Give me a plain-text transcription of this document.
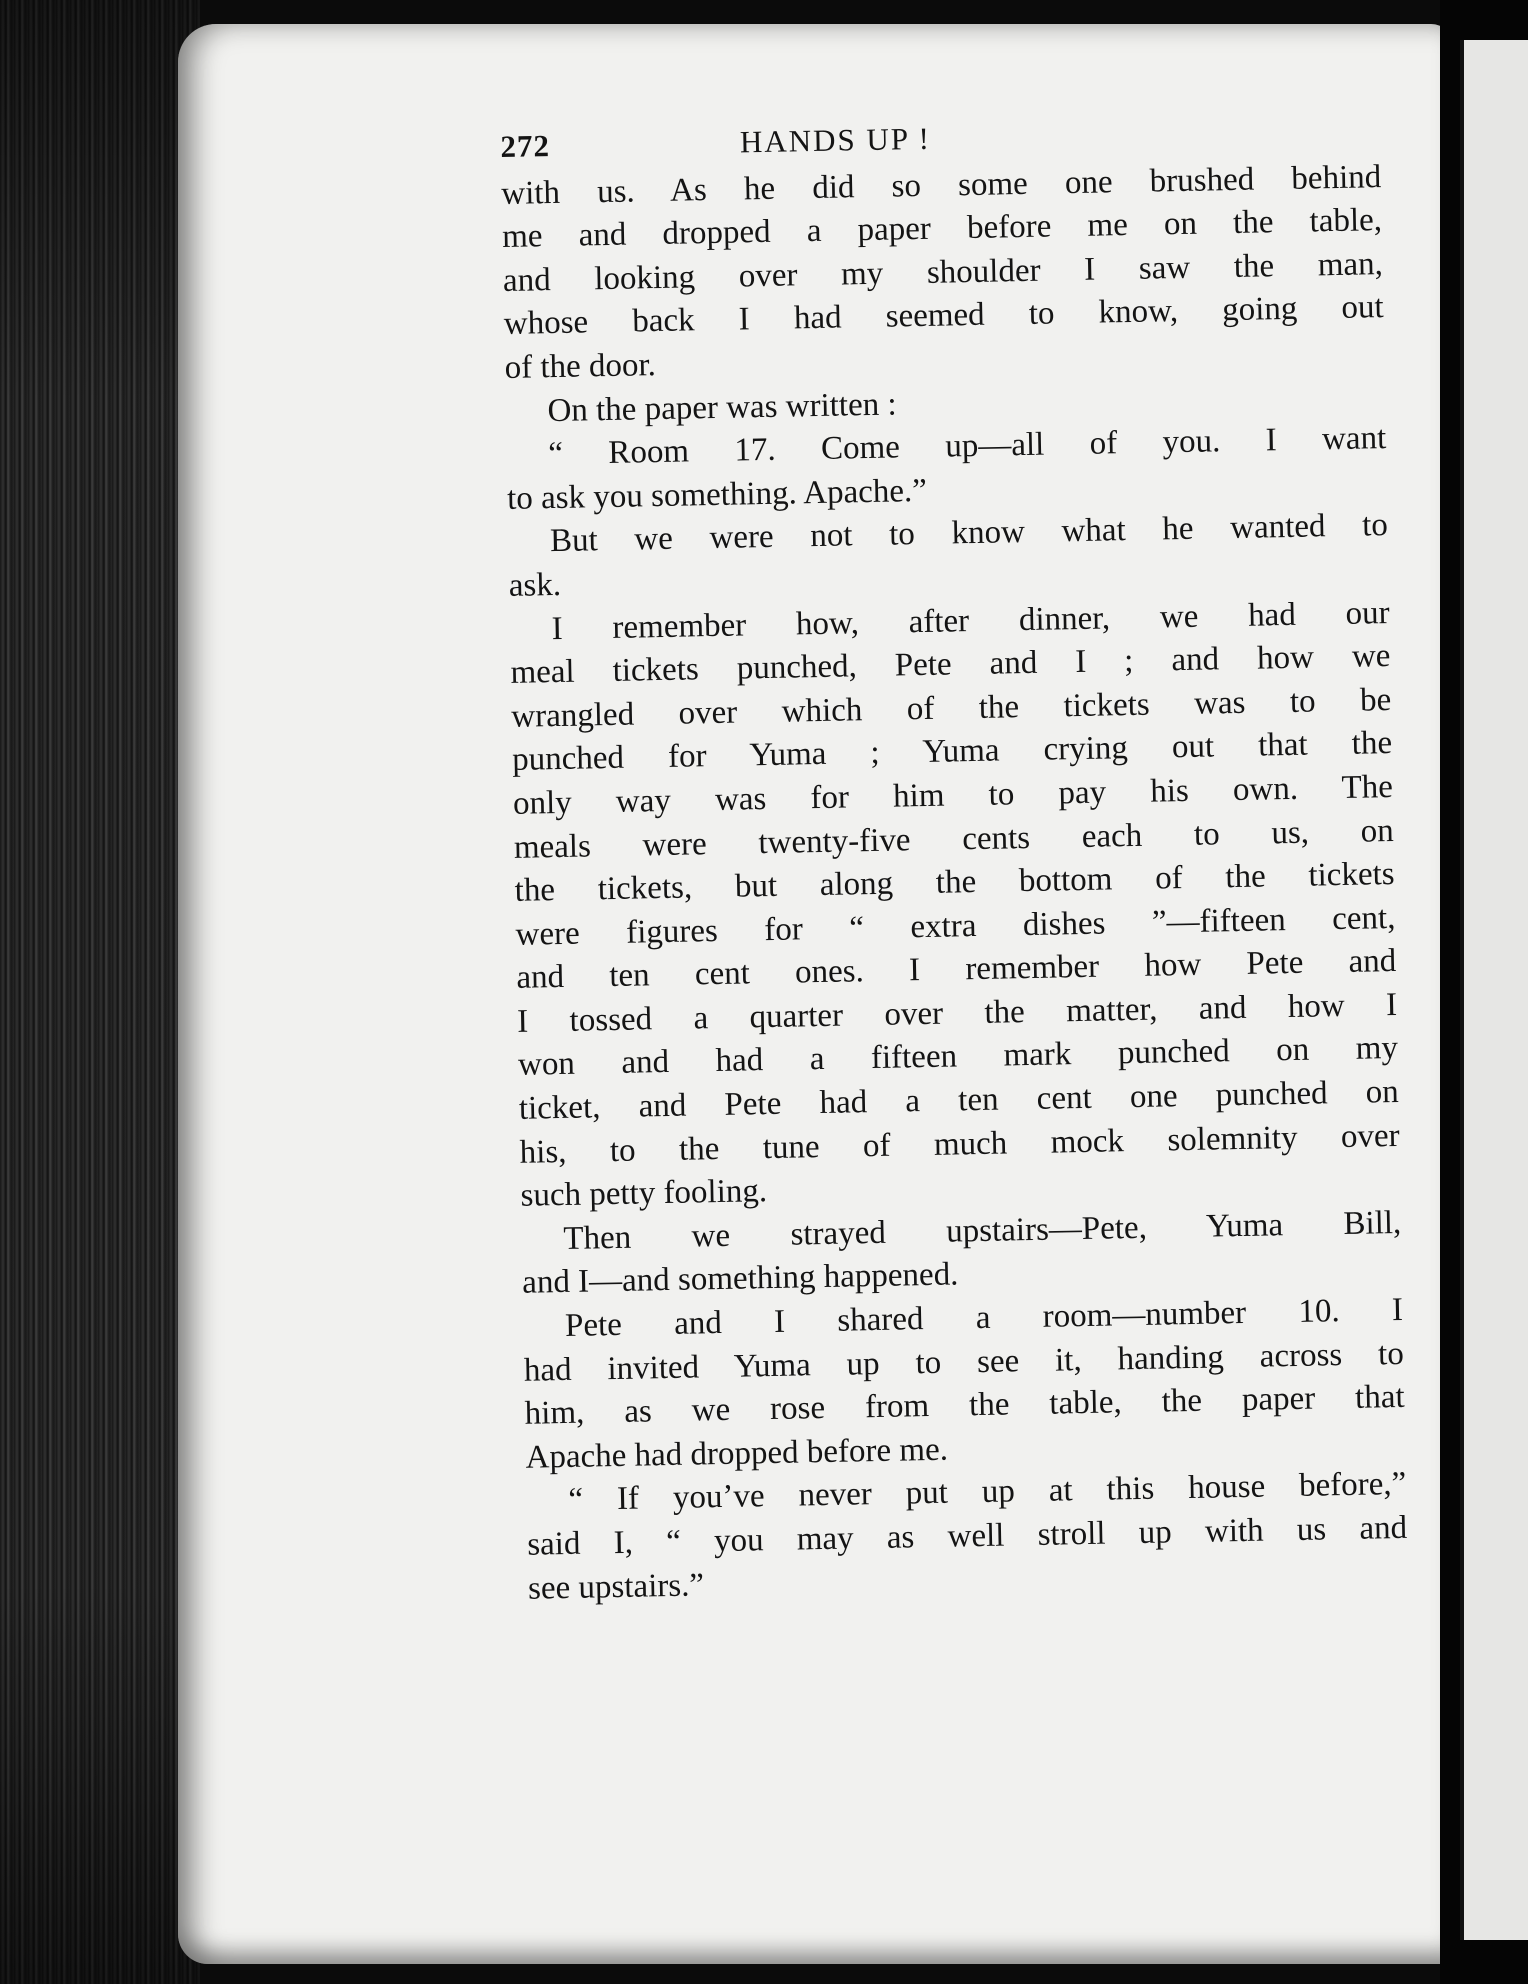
272	HANDS UP !
with us. As he did so some one brushed behind
me and dropped a paper before me on the table,
and looking over my shoulder I saw the man,
whose back I had seemed to know, going out
of the door.
On the paper was written :
“ Room 17. Come up—all of you. I want
to ask you something. Apache.”
But we were not to know what he wanted to
ask.
I remember how, after dinner, we had our
meal tickets punched, Pete and I ; and how we
wrangled over which of the tickets was to be
punched for Yuma ; Yuma crying out that the
only way was for him to pay his own. The
meals were twenty-five cents each to us, on
the tickets, but along the bottom of the tickets
were figures for “ extra dishes ”—fifteen cent,
and ten cent ones. I remember how Pete and
I tossed a quarter over the matter, and how I
won and had a fifteen mark punched on my
ticket, and Pete had a ten cent one punched on
his, to the tune of much mock solemnity over
such petty fooling.
Then we strayed upstairs—Pete, Yuma Bill,
and I—and something happened.
Pete and I shared a room—number 10. I
had invited Yuma up to see it, handing across to
him, as we rose from the table, the paper that
Apache had dropped before me.
“ If you’ve never put up at this house before,”
said I, “ you may as well stroll up with us and
see upstairs.”
